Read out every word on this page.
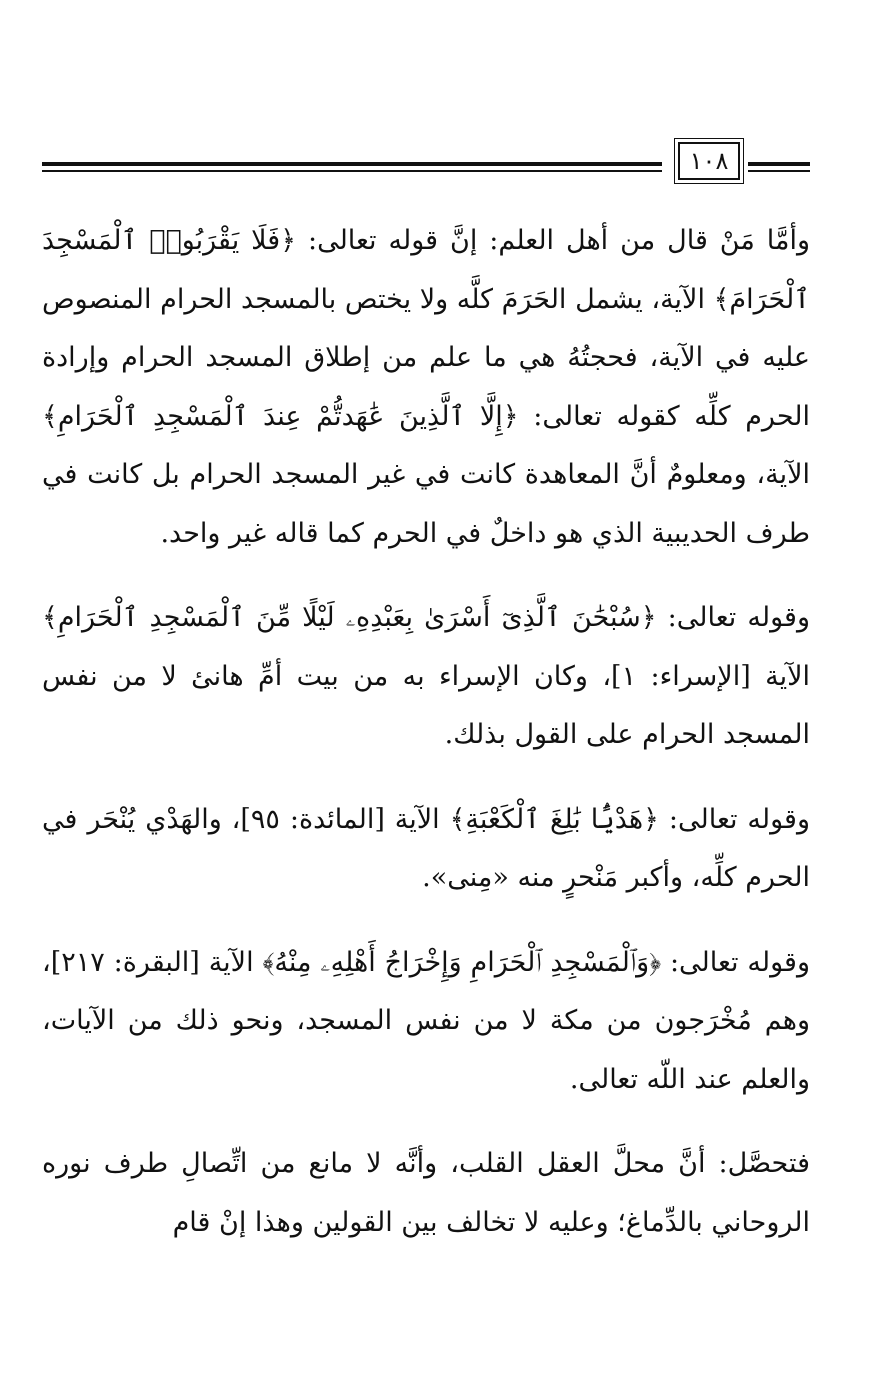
١٠٨

وأمَّا مَنْ قال من أهل العلم: إنَّ قوله تعالى: ﴿فَلَا يَقْرَبُوا۟ ٱلْمَسْجِدَ ٱلْحَرَامَ﴾ الآية، يشمل الحَرَمَ كلَّه ولا يختص بالمسجد الحرام المنصوص عليه في الآية، فحجتُهُ هي ما علم من إطلاق المسجد الحرام وإرادة الحرم كلِّه كقوله تعالى: ﴿إِلَّا ٱلَّذِينَ عَٰهَدتُّمْ عِندَ ٱلْمَسْجِدِ ٱلْحَرَامِ﴾ الآية، ومعلومٌ أنَّ المعاهدة كانت في غير المسجد الحرام بل كانت في طرف الحديبية الذي هو داخلٌ في الحرم كما قاله غير واحد.

وقوله تعالى: ﴿سُبْحَٰنَ ٱلَّذِىٓ أَسْرَىٰ بِعَبْدِهِۦ لَيْلًا مِّنَ ٱلْمَسْجِدِ ٱلْحَرَامِ﴾ الآية [الإسراء: ١]، وكان الإسراء به من بيت أمِّ هانئ لا من نفس المسجد الحرام على القول بذلك.

وقوله تعالى: ﴿هَدْيًۢا بَٰلِغَ ٱلْكَعْبَةِ﴾ الآية [المائدة: ٩٥]، والهَدْي يُنْحَر في الحرم كلِّه، وأكبر مَنْحرٍ منه «مِنى».

وقوله تعالى: ﴿وَٱلْمَسْجِدِ ٱلْحَرَامِ وَإِخْرَاجُ أَهْلِهِۦ مِنْهُ﴾ الآية [البقرة: ٢١٧]، وهم مُخْرَجون من مكة لا من نفس المسجد، ونحو ذلك من الآيات، والعلم عند اللّه تعالى.

فتحصَّل: أنَّ محلَّ العقل القلب، وأنَّه لا مانع من اتِّصالِ طرف نوره الروحاني بالدِّماغ؛ وعليه لا تخالف بين القولين وهذا إنْ قام
